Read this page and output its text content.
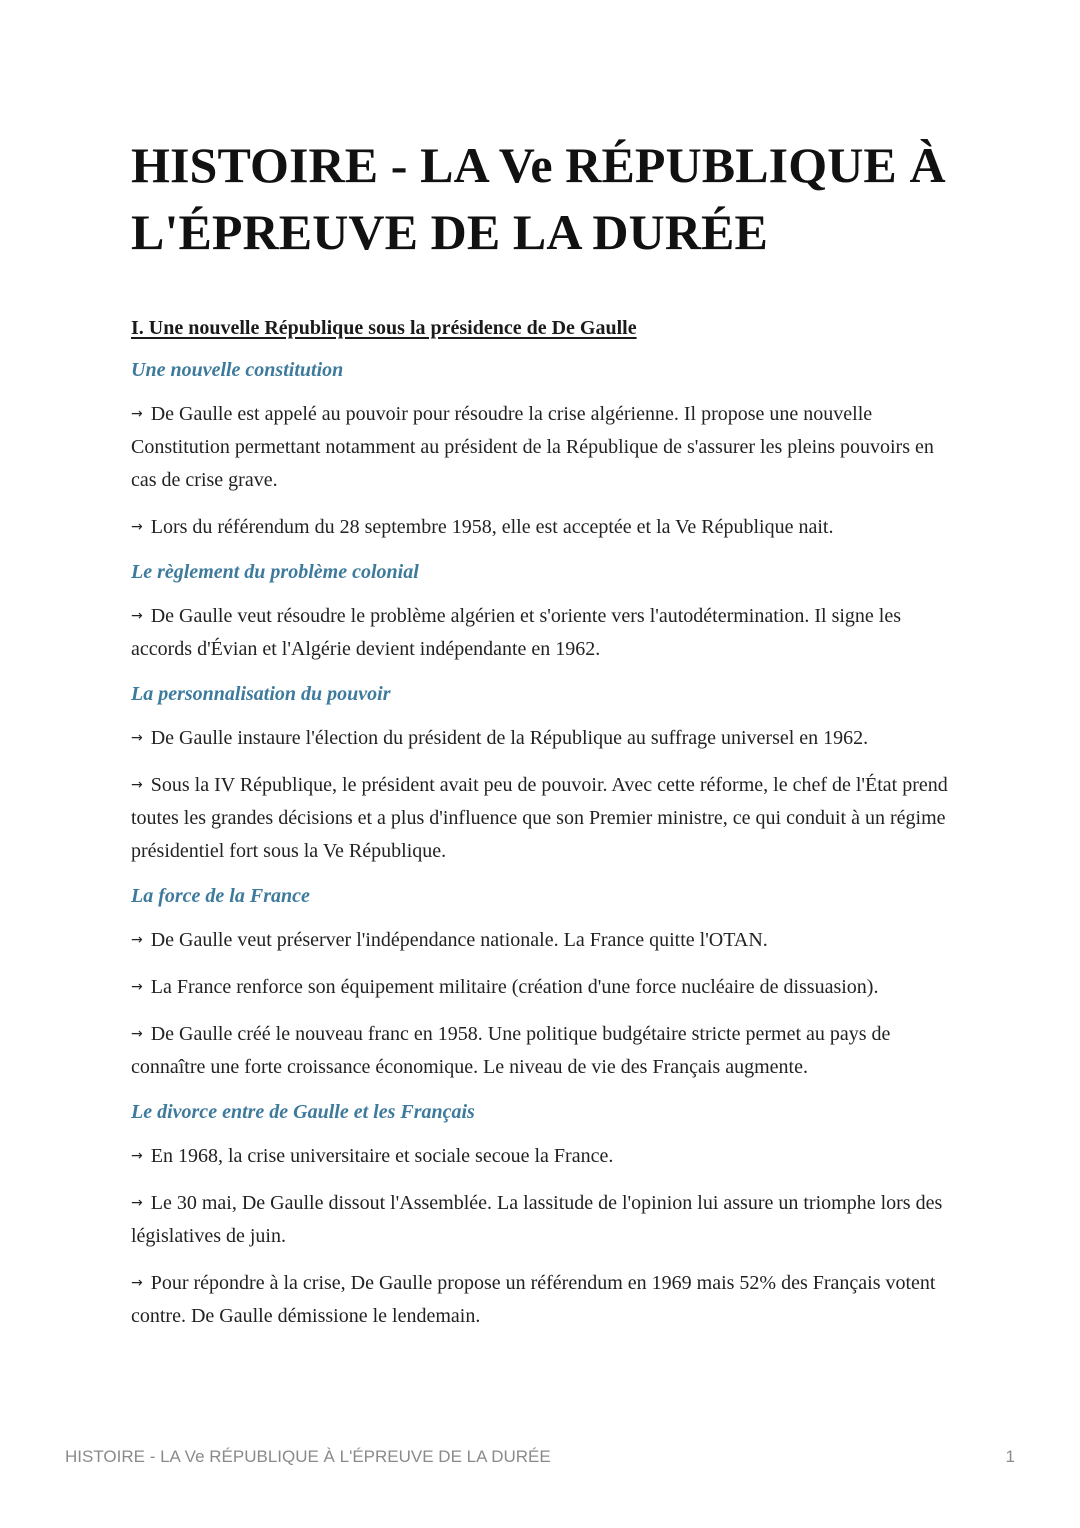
HISTOIRE - LA Ve RÉPUBLIQUE À L'ÉPREUVE DE LA DURÉE
I. Une nouvelle République sous la présidence de De Gaulle
Une nouvelle constitution

→ De Gaulle est appelé au pouvoir pour résoudre la crise algérienne. Il propose une nouvelle Constitution permettant notamment au président de la République de s'assurer les pleins pouvoirs en cas de crise grave.

→ Lors du référendum du 28 septembre 1958, elle est acceptée et la Ve République nait.

Le règlement du problème colonial

→ De Gaulle veut résoudre le problème algérien et s'oriente vers l'autodétermination. Il signe les accords d'Évian et l'Algérie devient indépendante en 1962.

La personnalisation du pouvoir

→ De Gaulle instaure l'élection du président de la République au suffrage universel en 1962.

→ Sous la IV République, le président avait peu de pouvoir. Avec cette réforme, le chef de l'État prend toutes les grandes décisions et a plus d'influence que son Premier ministre, ce qui conduit à un régime présidentiel fort sous la Ve République.

La force de la France

→ De Gaulle veut préserver l'indépendance nationale. La France quitte l'OTAN.

→ La France renforce son équipement militaire (création d'une force nucléaire de dissuasion).

→ De Gaulle créé le nouveau franc en 1958. Une politique budgétaire stricte permet au pays de connaître une forte croissance économique. Le niveau de vie des Français augmente.

Le divorce entre de Gaulle et les Français

→ En 1968, la crise universitaire et sociale secoue la France.

→ Le 30 mai, De Gaulle dissout l'Assemblée. La lassitude de l'opinion lui assure un triomphe lors des législatives de juin.

→ Pour répondre à la crise, De Gaulle propose un référendum en 1969 mais 52% des Français votent contre. De Gaulle démissione le lendemain.

HISTOIRE - LA Ve RÉPUBLIQUE À L'ÉPREUVE DE LA DURÉE	1
